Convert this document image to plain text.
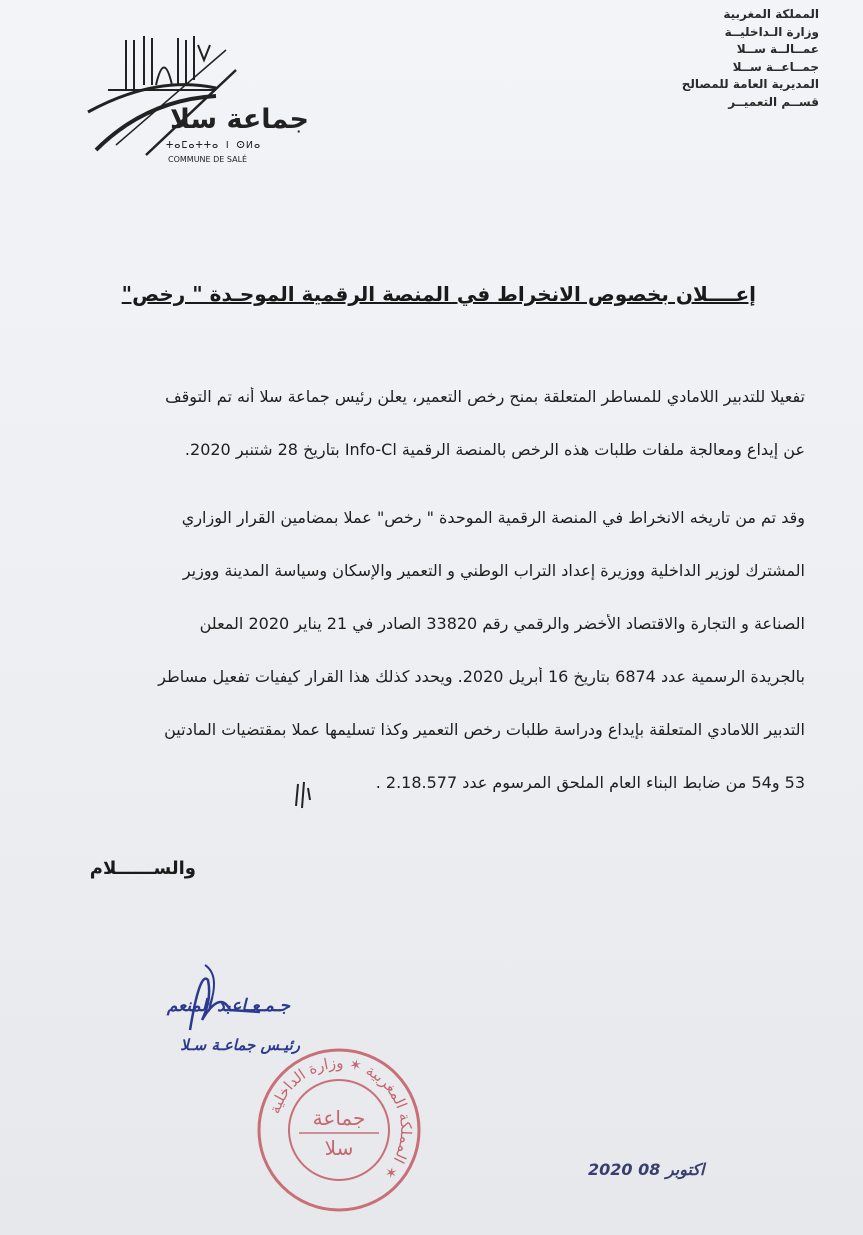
المملكة المغربية
وزارة الـداخليــة
عمــالــة ســلا
جمــاعــة ســلا
المديرية العامة للمصالح
قســم التعميــر
جماعة سلا
ⵜⴰⵎⴰⵜⵜⴰ ⵏ ⵙⵍⴰ
COMMUNE DE SALÉ
إعــــلان بخصوص الانخراط في المنصة الرقمية الموحـدة " رخص"
تفعيلا للتدبير اللامادي للمساطر المتعلقة بمنح رخص التعمير، يعلن رئيس جماعة سلا أنه تم التوقف
عن إيداع ومعالجة ملفات طلبات هذه الرخص بالمنصة الرقمية Info-Cl بتاريخ 28 شتنبر 2020.
وقد تم من تاريخه الانخراط في المنصة الرقمية الموحدة " رخص" عملا بمضامين القرار الوزاري
المشترك لوزير الداخلية ووزيرة إعداد التراب الوطني و التعمير والإسكان وسياسة المدينة ووزير
الصناعة و التجارة والاقتصاد الأخضر والرقمي رقم 33820 الصادر في 21 يناير 2020 المعلن
بالجريدة الرسمية عدد 6874 بتاريخ 16 أبريل 2020. ويحدد كذلك هذا القرار كيفيات تفعيل مساطر
التدبير اللامادي المتعلقة بإيداع ودراسة طلبات رخص التعمير وكذا تسليمها عملا بمقتضيات المادتين
53 و54 من ضابط البناء العام الملحق المرسوم عدد 2.18.577 .
والســــــلام
جـمـعـاعبد المنعم
رئيـس جماعـة سـلا
المملكة المغربية ✶ وزارة الداخلية ✶
جماعة
سلا
2020 اكتوبر 08
